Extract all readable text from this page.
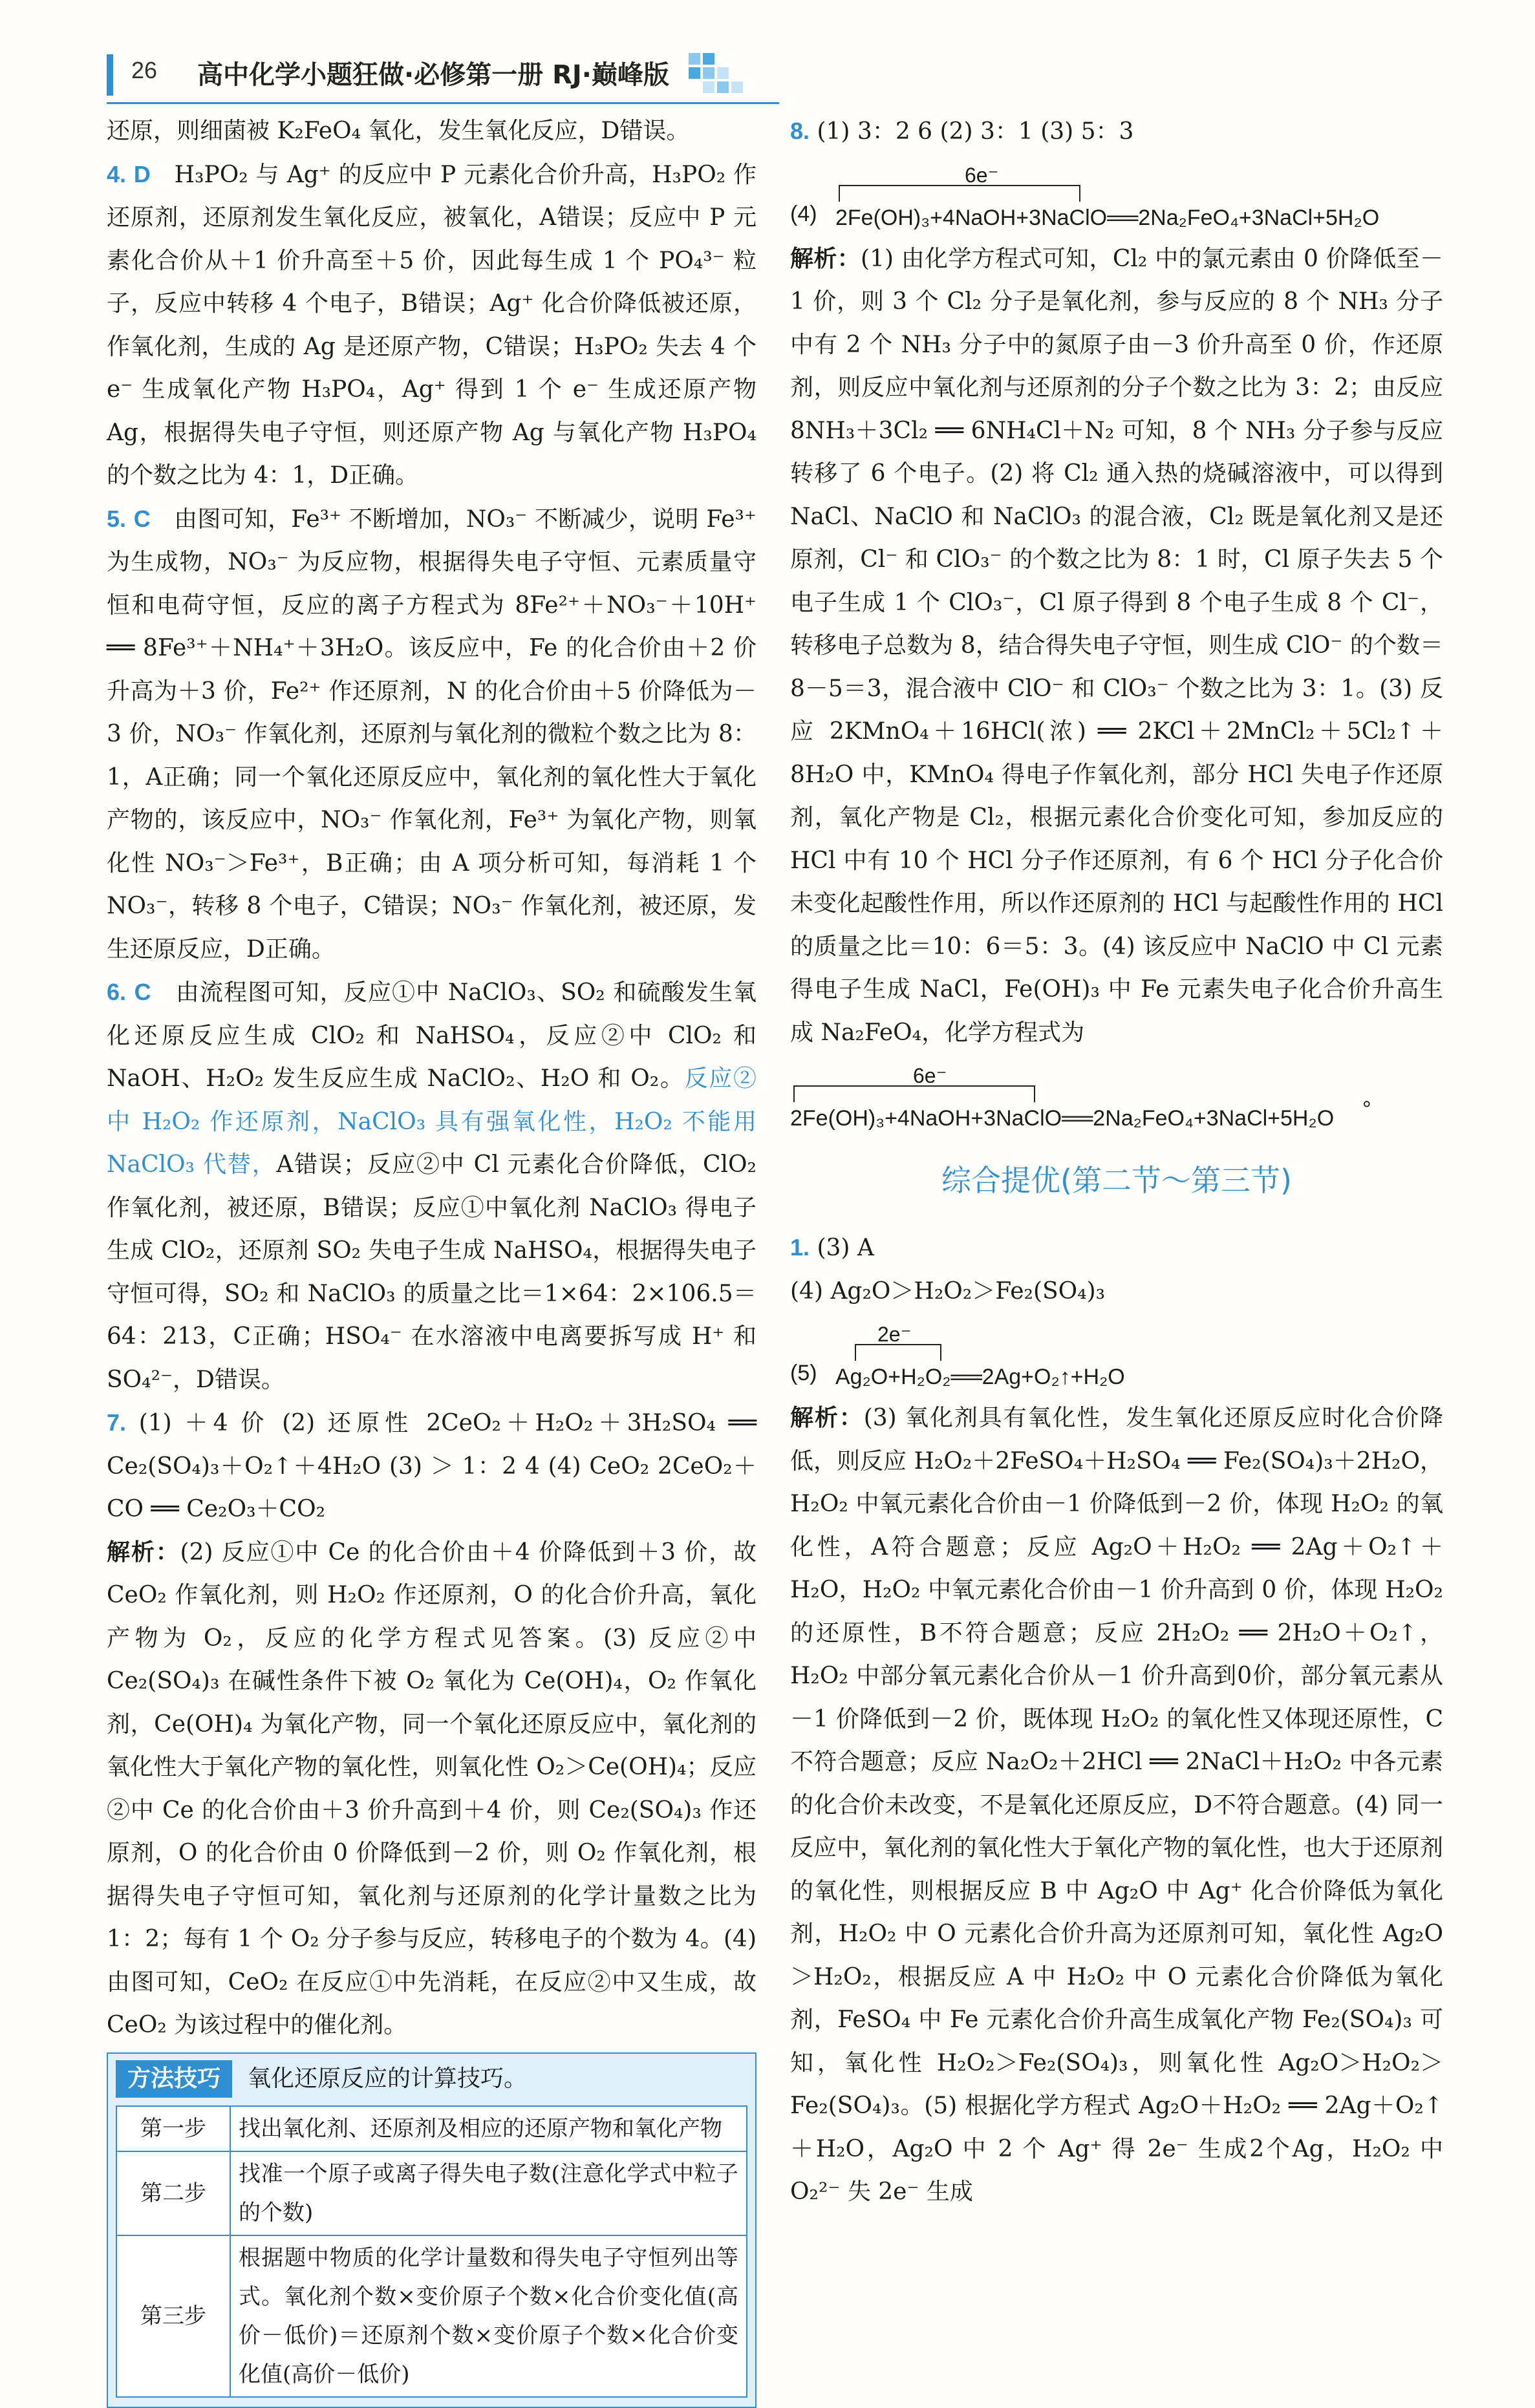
26 高中化学小题狂做·必修第一册 RJ·巅峰版

还原，则细菌被 K₂FeO₄ 氧化，发生氧化反应，D错误。

4. D　 H₃PO₂ 与 Ag⁺ 的反应中 P 元素化合价升高，H₃PO₂ 作还原剂，还原剂发生氧化反应，被氧化，A错误；反应中 P 元素化合价从＋1 价升高至＋5 价，因此每生成 1 个 PO₄³⁻ 粒子，反应中转移 4 个电子，B错误；Ag⁺ 化合价降低被还原，作氧化剂，生成的 Ag 是还原产物，C错误；H₃PO₂ 失去 4 个 e⁻ 生成氧化产物 H₃PO₄，Ag⁺ 得到 1 个 e⁻ 生成还原产物 Ag，根据得失电子守恒，则还原产物 Ag 与氧化产物 H₃PO₄ 的个数之比为 4：1，D正确。

5. C　 由图可知，Fe³⁺ 不断增加，NO₃⁻ 不断减少，说明 Fe³⁺ 为生成物，NO₃⁻ 为反应物，根据得失电子守恒、元素质量守恒和电荷守恒，反应的离子方程式为 8Fe²⁺＋NO₃⁻＋10H⁺ ══ 8Fe³⁺＋NH₄⁺＋3H₂O。该反应中，Fe 的化合价由＋2 价升高为＋3 价，Fe²⁺ 作还原剂，N 的化合价由＋5 价降低为－3 价，NO₃⁻ 作氧化剂，还原剂与氧化剂的微粒个数之比为 8：1，A正确；同一个氧化还原反应中，氧化剂的氧化性大于氧化产物的，该反应中，NO₃⁻ 作氧化剂，Fe³⁺ 为氧化产物，则氧化性 NO₃⁻＞Fe³⁺，B正确；由 A 项分析可知，每消耗 1 个 NO₃⁻，转移 8 个电子，C错误；NO₃⁻ 作氧化剂，被还原，发生还原反应，D正确。

6. C　 由流程图可知，反应①中 NaClO₃、SO₂ 和硫酸发生氧化还原反应生成 ClO₂ 和 NaHSO₄，反应②中 ClO₂ 和 NaOH、H₂O₂ 发生反应生成 NaClO₂、H₂O 和 O₂。反应②中 H₂O₂ 作还原剂，NaClO₃ 具有强氧化性，H₂O₂ 不能用 NaClO₃ 代替，A错误；反应②中 Cl 元素化合价降低，ClO₂ 作氧化剂，被还原，B错误；反应①中氧化剂 NaClO₃ 得电子生成 ClO₂，还原剂 SO₂ 失电子生成 NaHSO₄，根据得失电子守恒可得，SO₂ 和 NaClO₃ 的质量之比＝1×64：2×106.5＝64：213，C正确；HSO₄⁻ 在水溶液中电离要拆写成 H⁺ 和 SO₄²⁻，D错误。

7. (1) ＋4 价 (2) 还原性 2CeO₂＋H₂O₂＋3H₂SO₄ ══ Ce₂(SO₄)₃＋O₂↑＋4H₂O (3) ＞ 1：2 4 (4) CeO₂ 2CeO₂＋CO ══ Ce₂O₃＋CO₂

解析：(2) 反应①中 Ce 的化合价由＋4 价降低到＋3 价，故 CeO₂ 作氧化剂，则 H₂O₂ 作还原剂，O 的化合价升高，氧化产物为 O₂，反应的化学方程式见答案。(3) 反应②中 Ce₂(SO₄)₃ 在碱性条件下被 O₂ 氧化为 Ce(OH)₄，O₂ 作氧化剂，Ce(OH)₄ 为氧化产物，同一个氧化还原反应中，氧化剂的氧化性大于氧化产物的氧化性，则氧化性 O₂＞Ce(OH)₄；反应②中 Ce 的化合价由＋3 价升高到＋4 价，则 Ce₂(SO₄)₃ 作还原剂，O 的化合价由 0 价降低到－2 价，则 O₂ 作氧化剂，根据得失电子守恒可知，氧化剂与还原剂的化学计量数之比为 1：2；每有 1 个 O₂ 分子参与反应，转移电子的个数为 4。(4) 由图可知，CeO₂ 在反应①中先消耗，在反应②中又生成，故 CeO₂ 为该过程中的催化剂。

方法技巧	氧化还原反应的计算技巧。
第一步	找出氧化剂、还原剂及相应的还原产物和氧化产物
第二步	找准一个原子或离子得失电子数(注意化学式中粒子的个数)
第三步	根据题中物质的化学计量数和得失电子守恒列出等式。氧化剂个数×变价原子个数×化合价变化值(高价－低价)＝还原剂个数×变价原子个数×化合价变化值(高价－低价)

8. (1) 3：2 6 (2) 3：1 (3) 5：3

(4)
6e⁻
2Fe(OH)₃+4NaOH+3NaClO══2Na₂FeO₄+3NaCl+5H₂O

解析：(1) 由化学方程式可知，Cl₂ 中的氯元素由 0 价降低至－1 价，则 3 个 Cl₂ 分子是氧化剂，参与反应的 8 个 NH₃ 分子中有 2 个 NH₃ 分子中的氮原子由－3 价升高至 0 价，作还原剂，则反应中氧化剂与还原剂的分子个数之比为 3：2；由反应 8NH₃＋3Cl₂ ══ 6NH₄Cl＋N₂ 可知，8 个 NH₃ 分子参与反应转移了 6 个电子。(2) 将 Cl₂ 通入热的烧碱溶液中，可以得到 NaCl、NaClO 和 NaClO₃ 的混合液，Cl₂ 既是氧化剂又是还原剂，Cl⁻ 和 ClO₃⁻ 的个数之比为 8：1 时，Cl 原子失去 5 个电子生成 1 个 ClO₃⁻，Cl 原子得到 8 个电子生成 8 个 Cl⁻，转移电子总数为 8，结合得失电子守恒，则生成 ClO⁻ 的个数＝8－5＝3，混合液中 ClO⁻ 和 ClO₃⁻ 个数之比为 3：1。(3) 反应 2KMnO₄＋16HCl(浓) ══ 2KCl＋2MnCl₂＋5Cl₂↑＋8H₂O 中，KMnO₄ 得电子作氧化剂，部分 HCl 失电子作还原剂，氧化产物是 Cl₂，根据元素化合价变化可知，参加反应的 HCl 中有 10 个 HCl 分子作还原剂，有 6 个 HCl 分子化合价未变化起酸性作用，所以作还原剂的 HCl 与起酸性作用的 HCl 的质量之比＝10：6＝5：3。(4) 该反应中 NaClO 中 Cl 元素得电子生成 NaCl，Fe(OH)₃ 中 Fe 元素失电子化合价升高生成 Na₂FeO₄，化学方程式为

6e⁻
2Fe(OH)₃+4NaOH+3NaClO══2Na₂FeO₄+3NaCl+5H₂O °
综合提优(第二节～第三节)

1. (3) A

(4) Ag₂O＞H₂O₂＞Fe₂(SO₄)₃

(5)
2e⁻
Ag₂O+H₂O₂══2Ag+O₂↑+H₂O

解析：(3) 氧化剂具有氧化性，发生氧化还原反应时化合价降低，则反应 H₂O₂＋2FeSO₄＋H₂SO₄ ══ Fe₂(SO₄)₃＋2H₂O，H₂O₂ 中氧元素化合价由－1 价降低到－2 价，体现 H₂O₂ 的氧化性，A符合题意；反应 Ag₂O＋H₂O₂ ══ 2Ag＋O₂↑＋H₂O，H₂O₂ 中氧元素化合价由－1 价升高到 0 价，体现 H₂O₂ 的还原性，B不符合题意；反应 2H₂O₂ ══ 2H₂O＋O₂↑，H₂O₂ 中部分氧元素化合价从－1 价升高到0价，部分氧元素从－1 价降低到－2 价，既体现 H₂O₂ 的氧化性又体现还原性，C不符合题意；反应 Na₂O₂＋2HCl ══ 2NaCl＋H₂O₂ 中各元素的化合价未改变，不是氧化还原反应，D不符合题意。(4) 同一反应中，氧化剂的氧化性大于氧化产物的氧化性，也大于还原剂的氧化性，则根据反应 B 中 Ag₂O 中 Ag⁺ 化合价降低为氧化剂，H₂O₂ 中 O 元素化合价升高为还原剂可知，氧化性 Ag₂O＞H₂O₂，根据反应 A 中 H₂O₂ 中 O 元素化合价降低为氧化剂，FeSO₄ 中 Fe 元素化合价升高生成氧化产物 Fe₂(SO₄)₃ 可知，氧化性 H₂O₂＞Fe₂(SO₄)₃，则氧化性 Ag₂O＞H₂O₂＞Fe₂(SO₄)₃。(5) 根据化学方程式 Ag₂O＋H₂O₂ ══ 2Ag＋O₂↑＋H₂O，Ag₂O 中 2 个 Ag⁺ 得 2e⁻ 生成2个Ag，H₂O₂ 中 O₂²⁻ 失 2e⁻ 生成
